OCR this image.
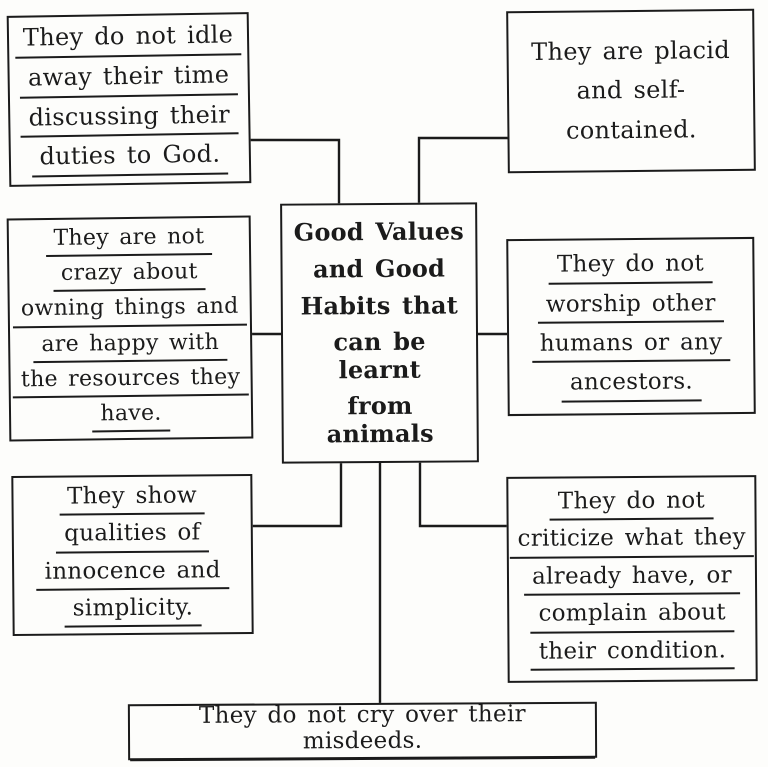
They do not idle
away their time
discussing their
duties to God.
They are placid
and self-
contained.
They are not
crazy about
owning things and
are happy with
the resources they
have.
Good Values
and Good
Habits that
can be learnt
from animals
They do not
worship other
humans or any
ancestors.
They show
qualities of
innocence and
simplicity.
They do not
criticize what they
already have, or
complain about
their condition.
They do not cry over their misdeeds.
